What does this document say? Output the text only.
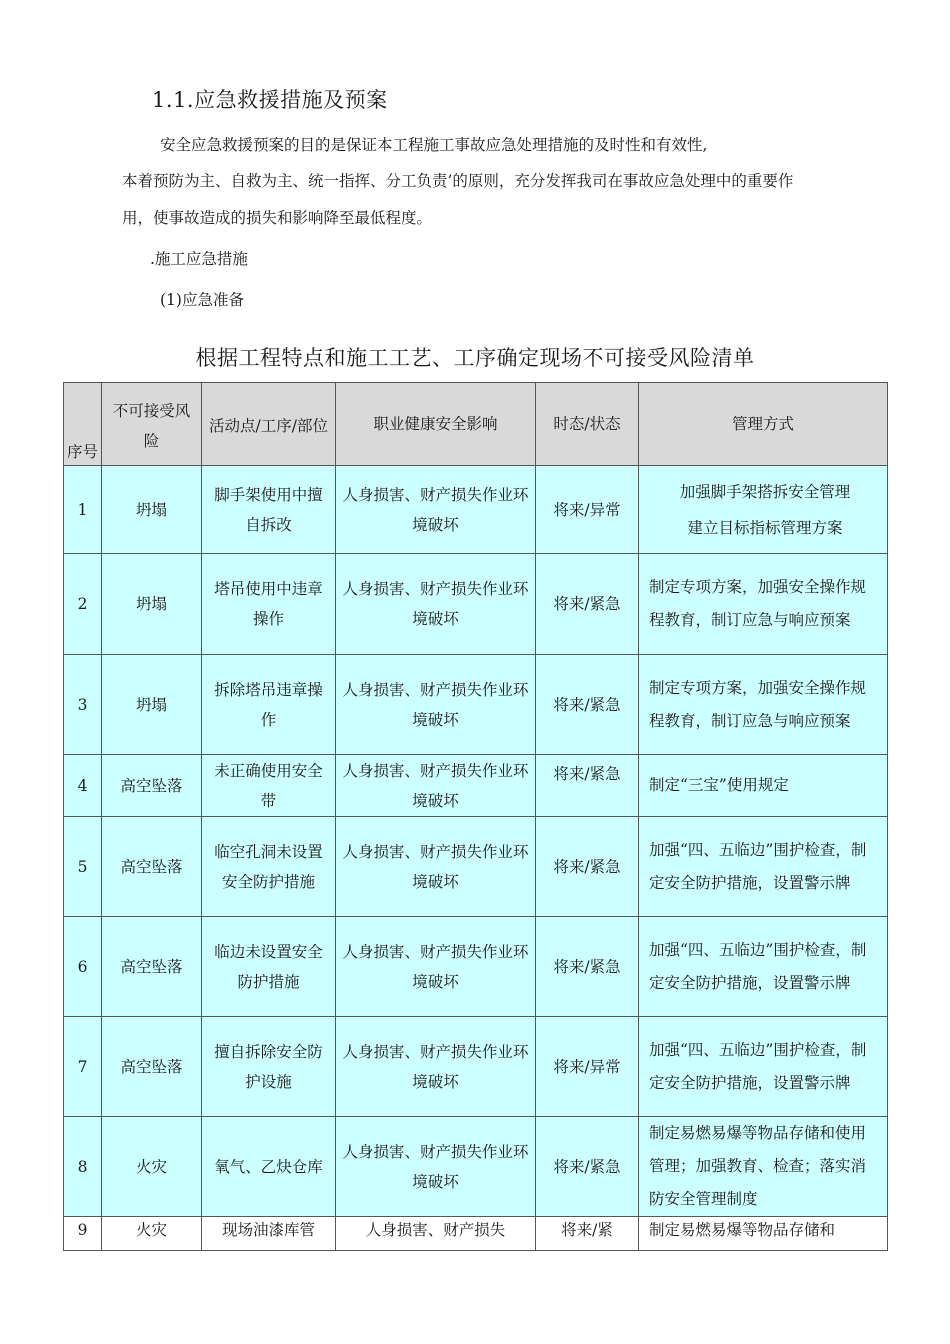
1.1.应急救援措施及预案
安全应急救援预案的目的是保证本工程施工事故应急处理措施的及时性和有效性,
本着预防为主、自救为主、统一指挥、分工负责’的原则，充分发挥我司在事故应急处理中的重要作
用，使事故造成的损失和影响降至最低程度。
.施工应急措施
(1)应急准备
根据工程特点和施工工艺、工序确定现场不可接受风险清单
序号	不可接受风险	活动点/工序/部位	职业健康安全影响	时态/状态	管理方式
1	坍塌	脚手架使用中擅自拆改	人身损害、财产损失作业环境破坏	将来/异常	加强脚手架搭拆安全管理
建立目标指标管理方案

2	坍塌	塔吊使用中违章操作	人身损害、财产损失作业环境破坏	将来/紧急	制定专项方案，加强安全操作规程教育，制订应急与响应预案

3	坍塌	拆除塔吊违章操作	人身损害、财产损失作业环境破坏	将来/紧急	制定专项方案，加强安全操作规程教育，制订应急与响应预案

4	高空坠落	未正确使用安全带	人身损害、财产损失作业环境破坏	将来/紧急	制定“三宝”使用规定

5	高空坠落	临空孔洞未设置安全防护措施	人身损害、财产损失作业环境破坏	将来/紧急	加强“四、五临边”围护检查，制定安全防护措施，设置警示牌

6	高空坠落	临边未设置安全防护措施	人身损害、财产损失作业环境破坏	将来/紧急	加强“四、五临边”围护检查，制定安全防护措施，设置警示牌

7	高空坠落	擅自拆除安全防护设施	人身损害、财产损失作业环境破坏	将来/异常	加强“四、五临边”围护检查，制定安全防护措施，设置警示牌

8	火灾	氧气、乙炔仓库	人身损害、财产损失作业环境破坏	将来/紧急	制定易燃易爆等物品存储和使用管理；加强教育、检查；落实消防安全管理制度

9	火灾	现场油漆库管	人身损害、财产损失	将来/紧	制定易燃易爆等物品存储和
